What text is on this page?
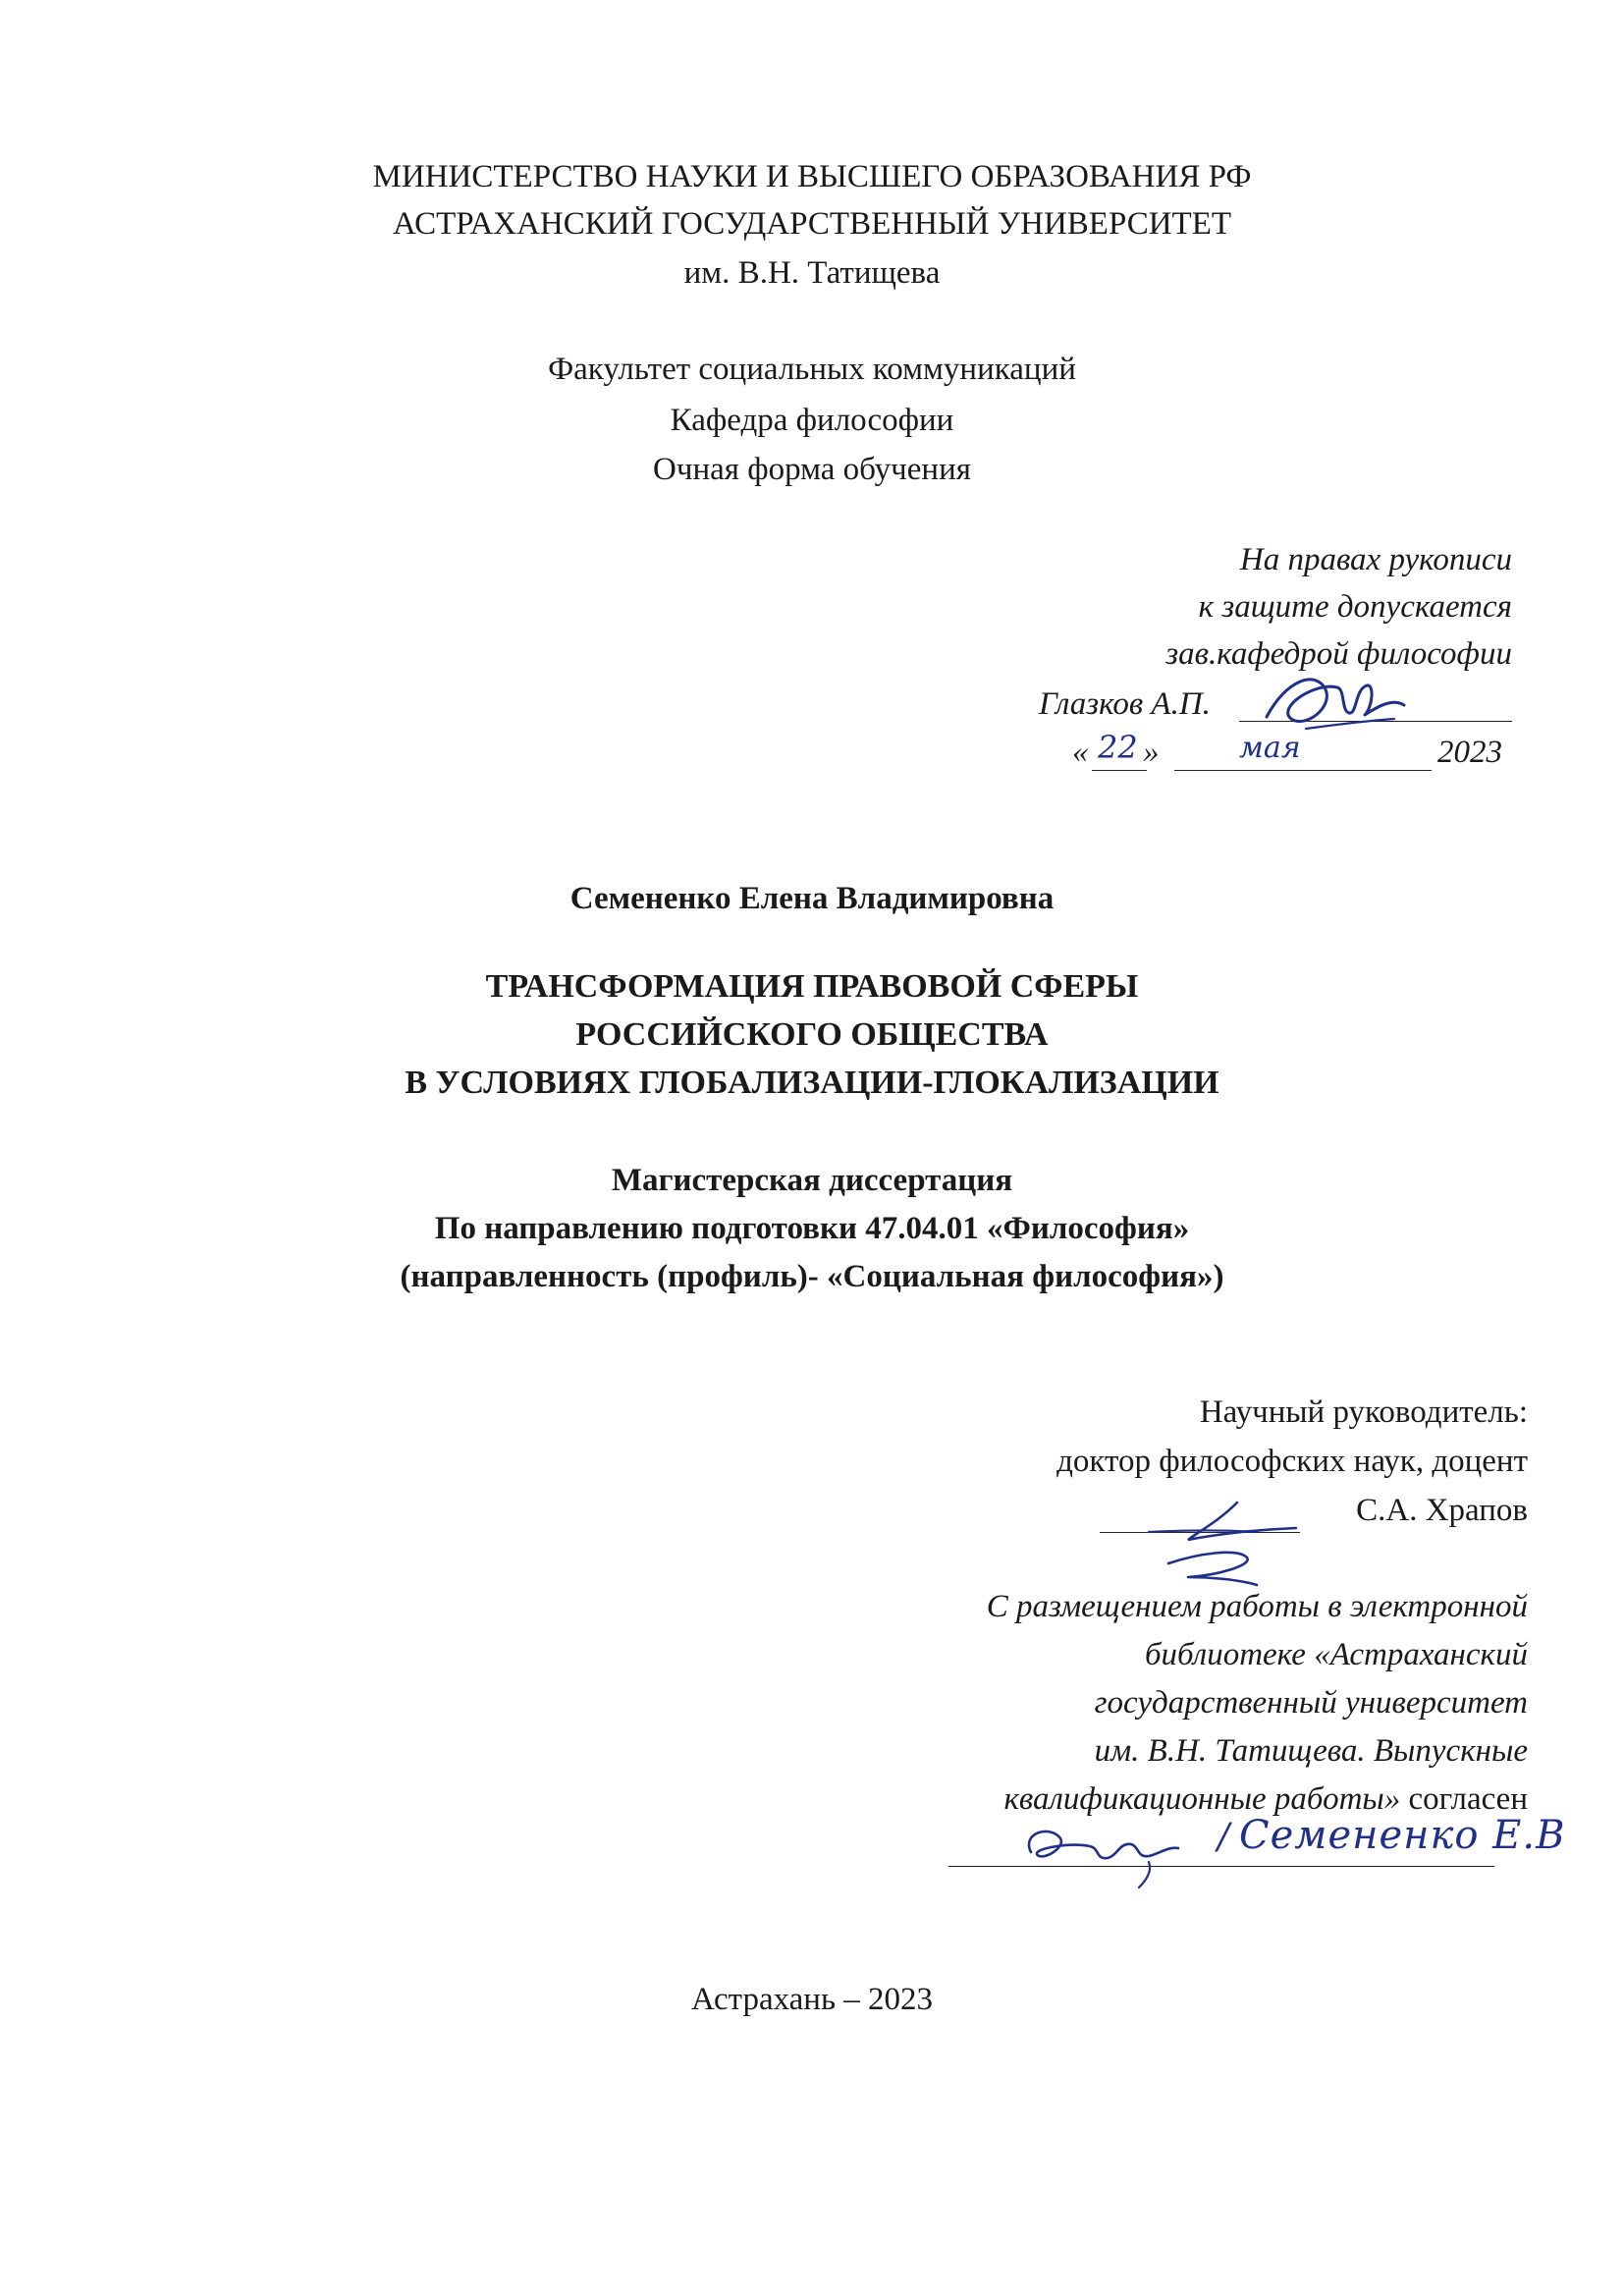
МИНИСТЕРСТВО НАУКИ И ВЫСШЕГО ОБРАЗОВАНИЯ РФ
АСТРАХАНСКИЙ ГОСУДАРСТВЕННЫЙ УНИВЕРСИТЕТ
им. В.Н. Татищева
Факультет социальных коммуникаций
Кафедра философии
Очная форма обучения
На правах рукописи
к защите допускается
зав.кафедрой философии
Глазков А.П.
« 22 »	мая	2023
Семененко Елена Владимировна
ТРАНСФОРМАЦИЯ ПРАВОВОЙ СФЕРЫ
РОССИЙСКОГО ОБЩЕСТВА
В УСЛОВИЯХ ГЛОБАЛИЗАЦИИ-ГЛОКАЛИЗАЦИИ
Магистерская диссертация
По направлению подготовки 47.04.01 «Философия»
(направленность (профиль)- «Социальная философия»)
Научный руководитель:
доктор философских наук, доцент
С.А. Храпов
С размещением работы в электронной
библиотеке «Астраханский
государственный университет
им. В.Н. Татищева. Выпускные
квалификационные работы» согласен
/ Семененко Е.В
Астрахань – 2023
